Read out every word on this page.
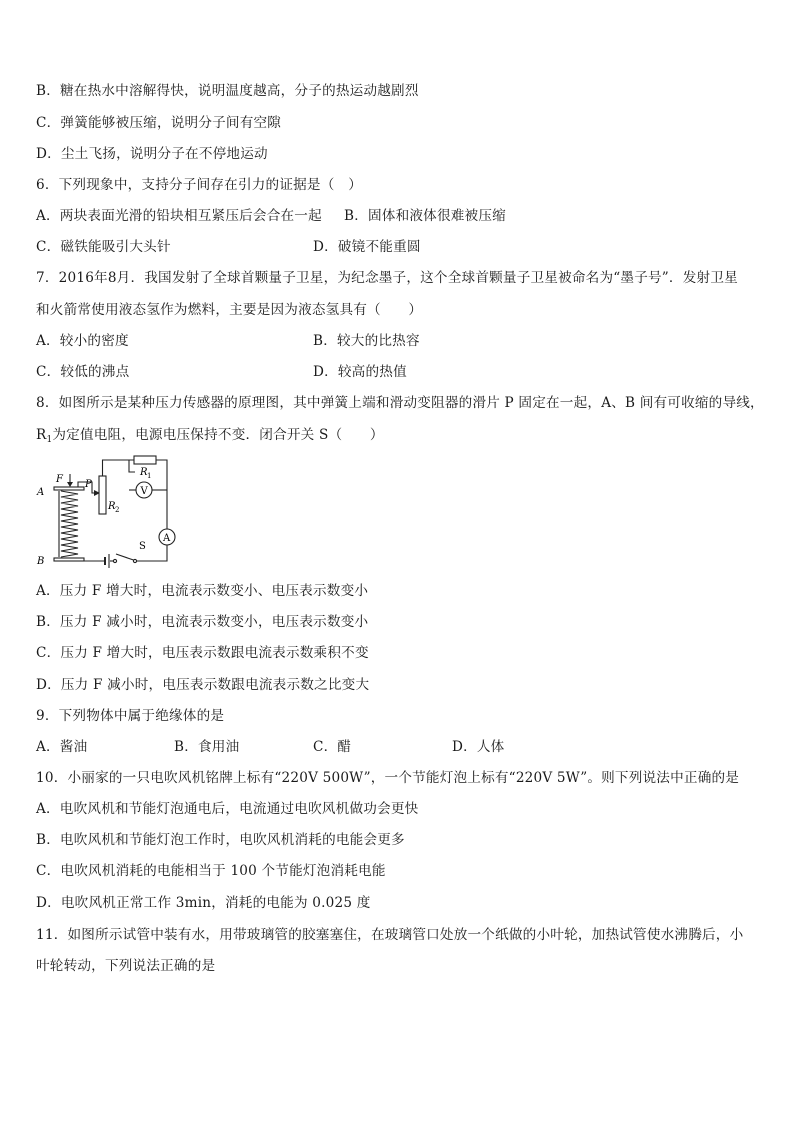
B．糖在热水中溶解得快，说明温度越高，分子的热运动越剧烈
C．弹簧能够被压缩，说明分子间有空隙
D．尘土飞扬，说明分子在不停地运动
6．下列现象中，支持分子间存在引力的证据是（　）
A．两块表面光滑的铅块相互紧压后会合在一起 B．固体和液体很难被压缩
C．磁铁能吸引大头针	D．破镜不能重圆
7．2016年8月．我国发射了全球首颗量子卫星，为纪念墨子，这个全球首颗量子卫星被命名为“墨子号”．发射卫星
和火箭常使用液态氢作为燃料，主要是因为液态氢具有（　　）
A．较小的密度	B．较大的比热容
C．较低的沸点	D．较高的热值
8．如图所示是某种压力传感器的原理图，其中弹簧上端和滑动变阻器的滑片 P 固定在一起，A、B 间有可收缩的导线，
$R_1$为定值电阻，电源电压保持不变．闭合开关 S（　　）
A
B
F P
R 2
R 1
V
A
S
A．压力 F 增大时，电流表示数变小、电压表示数变小
B．压力 F 减小时，电流表示数变小，电压表示数变小
C．压力 F 增大时，电压表示数跟电流表示数乘积不变
D．压力 F 减小时，电压表示数跟电流表示数之比变大
9．下列物体中属于绝缘体的是
A．酱油	B．食用油	C．醋	D．人体
10．小丽家的一只电吹风机铭牌上标有“220V 500W”，一个节能灯泡上标有“220V 5W”。则下列说法中正确的是
A．电吹风机和节能灯泡通电后，电流通过电吹风机做功会更快
B．电吹风机和节能灯泡工作时，电吹风机消耗的电能会更多
C．电吹风机消耗的电能相当于 100 个节能灯泡消耗电能
D．电吹风机正常工作 3min，消耗的电能为 0.025 度
11．如图所示试管中装有水，用带玻璃管的胶塞塞住，在玻璃管口处放一个纸做的小叶轮，加热试管使水沸腾后，小
叶轮转动，下列说法正确的是
